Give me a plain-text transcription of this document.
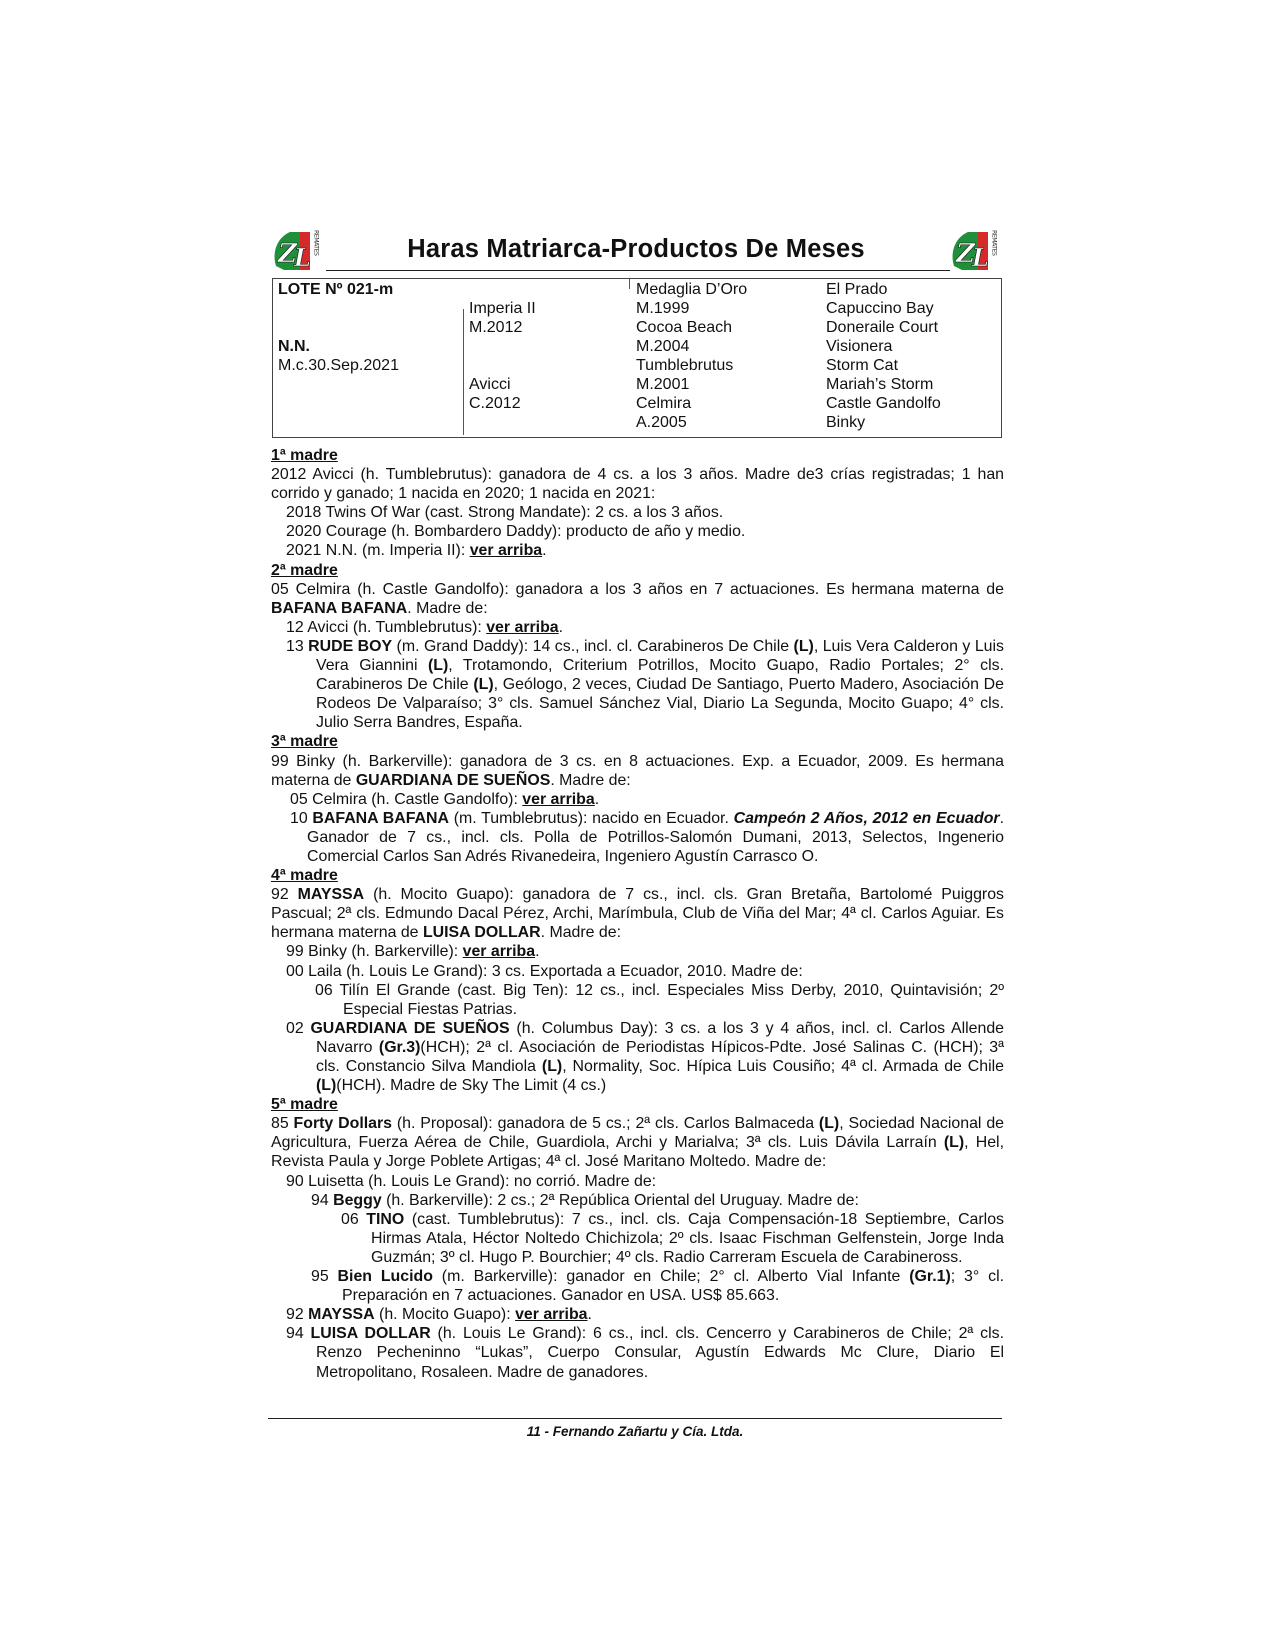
Z
L
REMATES	Z
L
REMATES
Haras Matriarca-Productos De Meses
LOTE Nº 021-m
N.N.
M.c.30.Sep.2021
Imperia II
M.2012
Avicci
C.2012
Medaglia D’Oro
M.1999
Cocoa Beach
M.2004
Tumblebrutus
M.2001
Celmira
A.2005
El Prado
Capuccino Bay
Doneraile Court
Visionera
Storm Cat
Mariah’s Storm
Castle Gandolfo
Binky

1ª madre

2012 Avicci (h. Tumblebrutus): ganadora de 4 cs. a los 3 años. Madre de3 crías registradas; 1 han corrido y ganado; 1 nacida en 2020; 1 nacida en 2021:

2018 Twins Of War (cast. Strong Mandate): 2 cs. a los 3 años.

2020 Courage (h. Bombardero Daddy): producto de año y medio.

2021 N.N. (m. Imperia II): ver arriba.

2ª madre

05 Celmira (h. Castle Gandolfo): ganadora a los 3 años en 7 actuaciones. Es hermana materna de BAFANA BAFANA. Madre de:

12 Avicci (h. Tumblebrutus): ver arriba.

13 RUDE BOY (m. Grand Daddy): 14 cs., incl. cl. Carabineros De Chile (L), Luis Vera Calderon y Luis Vera Giannini (L), Trotamondo, Criterium Potrillos, Mocito Guapo, Radio Portales; 2° cls. Carabineros De Chile (L), Geólogo, 2 veces, Ciudad De Santiago, Puerto Madero, Asociación De Rodeos De Valparaíso; 3° cls. Samuel Sánchez Vial, Diario La Segunda, Mocito Guapo; 4° cls. Julio Serra Bandres, España.

3ª madre

99 Binky (h. Barkerville): ganadora de 3 cs. en 8 actuaciones. Exp. a Ecuador, 2009. Es hermana materna de GUARDIANA DE SUEÑOS. Madre de:

05 Celmira (h. Castle Gandolfo): ver arriba.

10 BAFANA BAFANA (m. Tumblebrutus): nacido en Ecuador. Campeón 2 Años, 2012 en Ecuador. Ganador de 7 cs., incl. cls. Polla de Potrillos-Salomón Dumani, 2013, Selectos, Ingenerio Comercial Carlos San Adrés Rivanedeira, Ingeniero Agustín Carrasco O.

4ª madre

92 MAYSSA (h. Mocito Guapo): ganadora de 7 cs., incl. cls. Gran Bretaña, Bartolomé Puiggros Pascual; 2ª cls. Edmundo Dacal Pérez, Archi, Marímbula, Club de Viña del Mar; 4ª cl. Carlos Aguiar. Es hermana materna de LUISA DOLLAR. Madre de:

99 Binky (h. Barkerville): ver arriba.

00 Laila (h. Louis Le Grand): 3 cs. Exportada a Ecuador, 2010. Madre de:

06 Tilín El Grande (cast. Big Ten): 12 cs., incl. Especiales Miss Derby, 2010, Quintavisión; 2º Especial Fiestas Patrias.

02 GUARDIANA DE SUEÑOS (h. Columbus Day): 3 cs. a los 3 y 4 años, incl. cl. Carlos Allende Navarro (Gr.3)(HCH); 2ª cl. Asociación de Periodistas Hípicos-Pdte. José Salinas C. (HCH); 3ª cls. Constancio Silva Mandiola (L), Normality, Soc. Hípica Luis Cousiño; 4ª cl. Armada de Chile (L)(HCH). Madre de Sky The Limit (4 cs.)

5ª madre

85 Forty Dollars (h. Proposal): ganadora de 5 cs.; 2ª cls. Carlos Balmaceda (L), Sociedad Nacional de Agricultura, Fuerza Aérea de Chile, Guardiola, Archi y Marialva; 3ª cls. Luis Dávila Larraín (L), Hel, Revista Paula y Jorge Poblete Artigas; 4ª cl. José Maritano Moltedo. Madre de:

90 Luisetta (h. Louis Le Grand): no corrió. Madre de:

94 Beggy (h. Barkerville): 2 cs.; 2ª República Oriental del Uruguay. Madre de:

06 TINO (cast. Tumblebrutus): 7 cs., incl. cls. Caja Compensación-18 Septiembre, Carlos Hirmas Atala, Héctor Noltedo Chichizola; 2º cls. Isaac Fischman Gelfenstein, Jorge Inda Guzmán; 3º cl. Hugo P. Bourchier; 4º cls. Radio Carreram Escuela de Carabineross.

95 Bien Lucido (m. Barkerville): ganador en Chile; 2° cl. Alberto Vial Infante (Gr.1); 3° cl. Preparación en 7 actuaciones. Ganador en USA. US$ 85.663.

92 MAYSSA (h. Mocito Guapo): ver arriba.

94 LUISA DOLLAR (h. Louis Le Grand): 6 cs., incl. cls. Cencerro y Carabineros de Chile; 2ª cls. Renzo Pecheninno “Lukas”, Cuerpo Consular, Agustín Edwards Mc Clure, Diario El Metropolitano, Rosaleen. Madre de ganadores.

11 - Fernando Zañartu y Cía. Ltda.
